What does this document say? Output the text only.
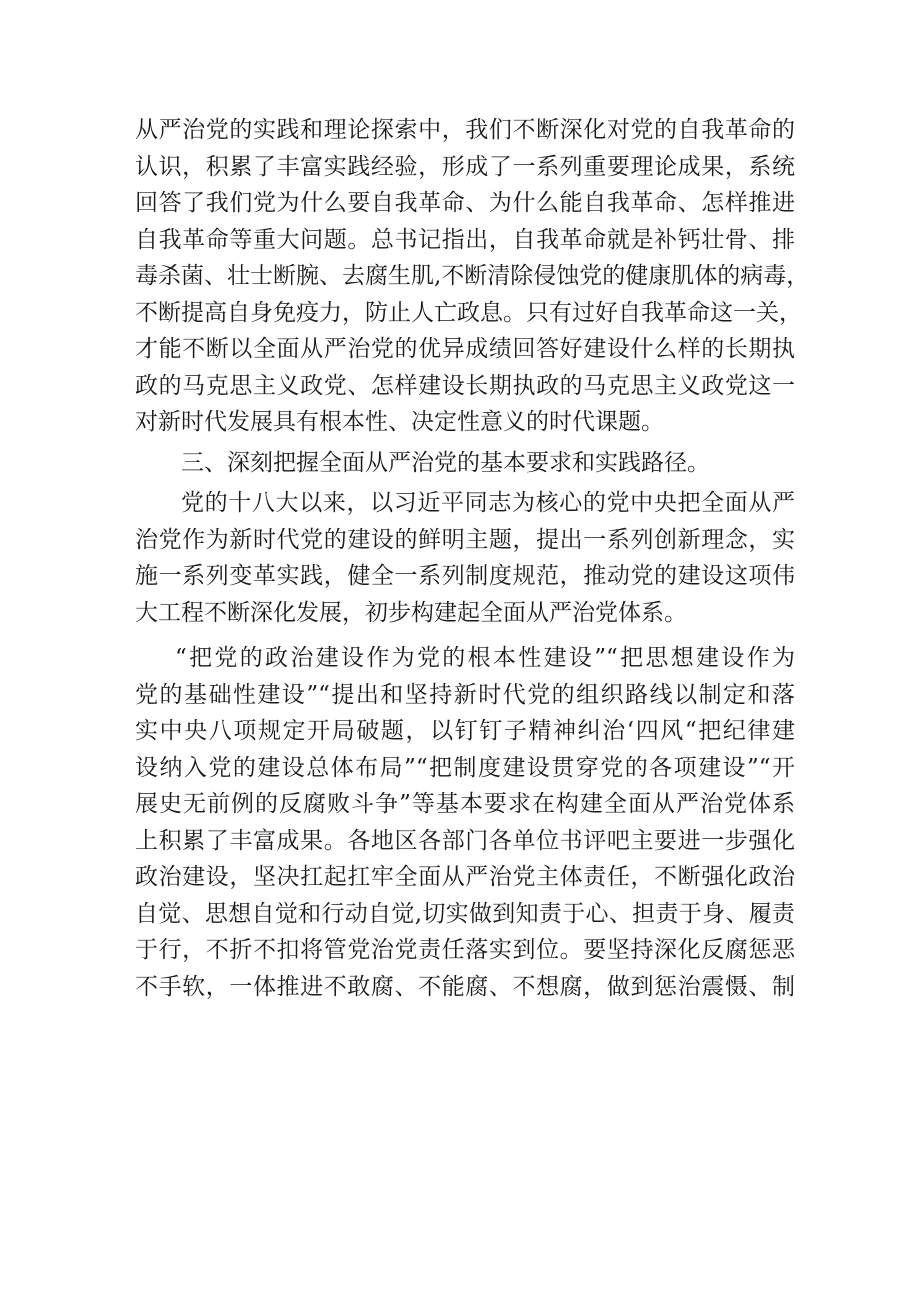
从严治党的实践和理论探索中，我们不断深化对党的自我革命的
认识，积累了丰富实践经验，形成了一系列重要理论成果，系统
回答了我们党为什么要自我革命、为什么能自我革命、怎样推进
自我革命等重大问题。总书记指出，自我革命就是补钙壮骨、排
毒杀菌、壮士断腕、去腐生肌,不断清除侵蚀党的健康肌体的病毒，
不断提高自身免疫力，防止人亡政息。只有过好自我革命这一关，
才能不断以全面从严治党的优异成绩回答好建设什么样的长期执
政的马克思主义政党、怎样建设长期执政的马克思主义政党这一
对新时代发展具有根本性、决定性意义的时代课题。
三、深刻把握全面从严治党的基本要求和实践路径。
党的十八大以来，以习近平同志为核心的党中央把全面从严
治党作为新时代党的建设的鲜明主题，提出一系列创新理念，实
施一系列变革实践，健全一系列制度规范，推动党的建设这项伟
大工程不断深化发展，初步构建起全面从严治党体系。
“把党的政治建设作为党的根本性建设”“把思想建设作为
党的基础性建设”“提出和坚持新时代党的组织路线以制定和落
实中央八项规定开局破题，以钉钉子精神纠治‘四风“把纪律建
设纳入党的建设总体布局”“把制度建设贯穿党的各项建设”“开
展史无前例的反腐败斗争”等基本要求在构建全面从严治党体系
上积累了丰富成果。各地区各部门各单位书评吧主要进一步强化
政治建设，坚决扛起扛牢全面从严治党主体责任，不断强化政治
自觉、思想自觉和行动自觉,切实做到知责于心、担责于身、履责
于行，不折不扣将管党治党责任落实到位。要坚持深化反腐惩恶
不手软，一体推进不敢腐、不能腐、不想腐，做到惩治震慑、制
